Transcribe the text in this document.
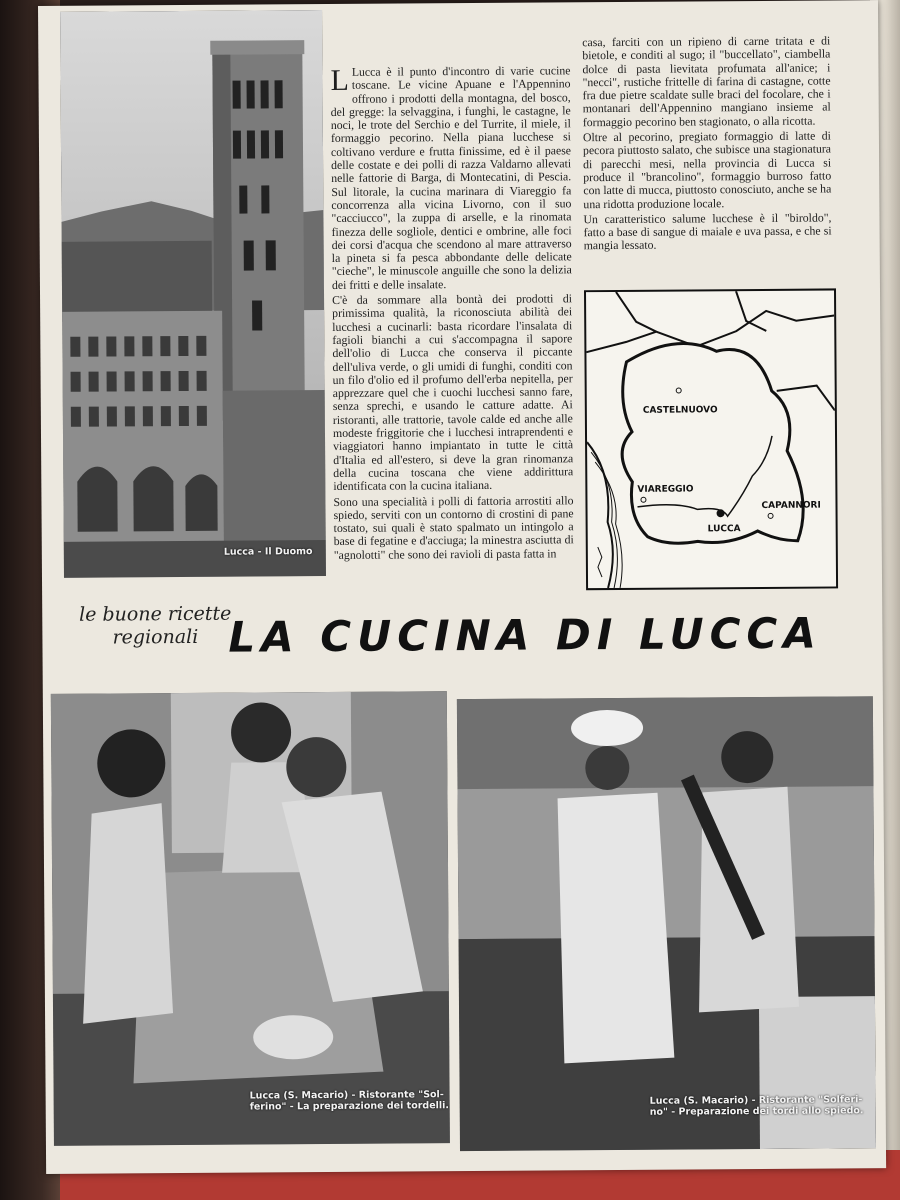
Lucca - Il Duomo

L Lucca è il punto d'incontro di varie cucine toscane. Le vicine Apuane e l'Appennino offrono i prodotti della montagna, del bosco, del gregge: la selvaggina, i funghi, le castagne, le noci, le trote del Serchio e del Turrite, il miele, il formaggio pecorino. Nella piana lucchese si coltivano verdure e frutta finissime, ed è il paese delle costate e dei polli di razza Valdarno allevati nelle fattorie di Barga, di Montecatini, di Pescia. Sul litorale, la cucina marinara di Viareggio fa concorrenza alla vicina Livorno, con il suo "cacciucco", la zuppa di arselle, e la rinomata finezza delle sogliole, dentici e ombrine, alle foci dei corsi d'acqua che scendono al mare attraverso la pineta si fa pesca abbondante delle delicate "cieche", le minuscole anguille che sono la delizia dei fritti e delle insalate.

C'è da sommare alla bontà dei prodotti di primissima qualità, la riconosciuta abilità dei lucchesi a cucinarli: basta ricordare l'insalata di fagioli bianchi a cui s'accompagna il sapore dell'olio di Lucca che conserva il piccante dell'uliva verde, o gli umidi di funghi, conditi con un filo d'olio ed il profumo dell'erba nepitella, per apprezzare quel che i cuochi lucchesi sanno fare, senza sprechi, e usando le catture adatte. Ai ristoranti, alle trattorie, tavole calde ed anche alle modeste friggitorie che i lucchesi intraprendenti e viaggiatori hanno impiantato in tutte le città d'Italia ed all'estero, si deve la gran rinomanza della cucina toscana che viene addirittura identificata con la cucina italiana.

Sono una specialità i polli di fattoria arrostiti allo spiedo, serviti con un contorno di crostini di pane tostato, sui quali è stato spalmato un intingolo a base di fegatine e d'acciuga; la minestra asciutta di "agnolotti" che sono dei ravioli di pasta fatta in

casa, farciti con un ripieno di carne tritata e di bietole, e conditi al sugo; il "buccellato", ciambella dolce di pasta lievitata profumata all'anice; i "necci", rustiche frittelle di farina di castagne, cotte fra due pietre scaldate sulle braci del focolare, che i montanari dell'Appennino mangiano insieme al formaggio pecorino ben stagionato, o alla ricotta.

Oltre al pecorino, pregiato formaggio di latte di pecora piuttosto salato, che subisce una stagionatura di parecchi mesi, nella provincia di Lucca si produce il "brancolino", formaggio burroso fatto con latte di mucca, piuttosto conosciuto, anche se ha una ridotta produzione locale.

Un caratteristico salume lucchese è il "biroldo", fatto a base di sangue di maiale e uva passa, e che si mangia lessato.

CASTELNUOVO
VIAREGGIO
LUCCA
CAPANNORI
le buone ricette
regionali LA CUCINA DI LUCCA
Lucca (S. Macario) - Ristorante "Sol-
ferino" - La preparazione dei tordelli.	Lucca (S. Macario) - Ristorante "Solferi-
no" - Preparazione dei tordi allo spiedo.
